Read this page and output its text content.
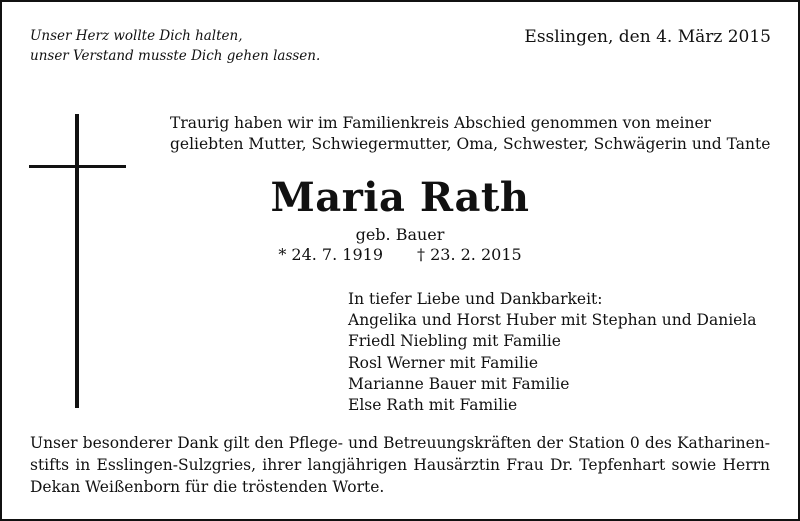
Unser Herz wollte Dich halten,
unser Verstand musste Dich gehen lassen.
Esslingen, den 4. März 2015
Traurig haben wir im Familienkreis Abschied genommen von meiner
geliebten Mutter, Schwiegermutter, Oma, Schwester, Schwägerin und Tante
Maria Rath
geb. Bauer
* 24. 7. 1919 † 23. 2. 2015
In tiefer Liebe und Dankbarkeit:
Angelika und Horst Huber mit Stephan und Daniela
Friedl Niebling mit Familie
Rosl Werner mit Familie
Marianne Bauer mit Familie
Else Rath mit Familie
Unser besonderer Dank gilt den Pflege- und Betreuungskräften der Station 0 des Katharinen-
stifts in Esslingen-Sulzgries, ihrer langjährigen Hausärztin Frau Dr. Tepfenhart sowie Herrn
Dekan Weißenborn für die tröstenden Worte.
